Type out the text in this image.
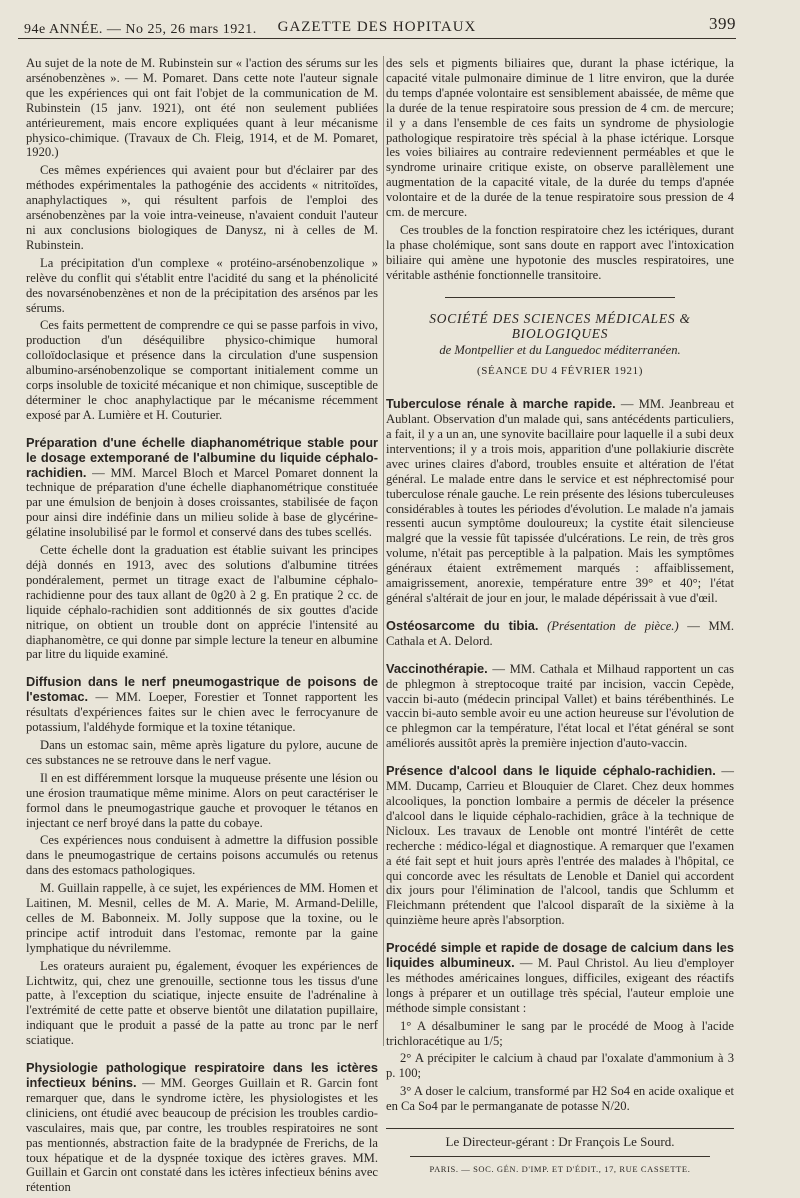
94e ANNÉE. — No 25, 26 mars 1921.	GAZETTE DES HOPITAUX	399

Au sujet de la note de M. Rubinstein sur « l'action des sérums sur les arsénobenzènes ». — M. Pomaret. Dans cette note l'auteur signale que les expériences qui ont fait l'objet de la communication de M. Rubinstein (15 janv. 1921), ont été non seulement publiées antérieurement, mais encore expliquées quant à leur mécanisme physico-chimique. (Travaux de Ch. Fleig, 1914, et de M. Pomaret, 1920.)

Ces mêmes expériences qui avaient pour but d'éclairer par des méthodes expérimentales la pathogénie des accidents « nitritoïdes, anaphylactiques », qui résultent parfois de l'emploi des arsénobenzènes par la voie intra-veineuse, n'avaient conduit l'auteur ni aux conclusions biologiques de Danysz, ni à celles de M. Rubinstein.

La précipitation d'un complexe « protéino-arsénobenzolique » relève du conflit qui s'établit entre l'acidité du sang et la phénolicité des novarsénobenzènes et non de la précipitation des arsénos par les sérums.

Ces faits permettent de comprendre ce qui se passe parfois in vivo, production d'un déséquilibre physico-chimique humoral colloïdoclasique et présence dans la circulation d'une suspension albumino-arsénobenzolique se comportant initialement comme un corps insoluble de toxicité mécanique et non chimique, susceptible de déterminer le choc anaphylactique par le mécanisme récemment exposé par A. Lumière et H. Couturier.

Préparation d'une échelle diaphanométrique stable pour le dosage extemporané de l'albumine du liquide céphalo-rachidien. — MM. Marcel Bloch et Marcel Pomaret donnent la technique de préparation d'une échelle diaphanométrique constituée par une émulsion de benjoin à doses croissantes, stabilisée de façon pour ainsi dire indéfinie dans un milieu solide à base de glycérine-gélatine insolubilisé par le formol et conservé dans des tubes scellés.

Cette échelle dont la graduation est établie suivant les principes déjà donnés en 1913, avec des solutions d'albumine titrées pondéralement, permet un titrage exact de l'albumine céphalo-rachidienne pour des taux allant de 0g20 à 2 g. En pratique 2 cc. de liquide céphalo-rachidien sont additionnés de six gouttes d'acide nitrique, on obtient un trouble dont on apprécie l'intensité au diaphanomètre, ce qui donne par simple lecture la teneur en albumine par litre du liquide examiné.

Diffusion dans le nerf pneumogastrique de poisons de l'estomac. — MM. Loeper, Forestier et Tonnet rapportent les résultats d'expériences faites sur le chien avec le ferrocyanure de potassium, l'aldéhyde formique et la toxine tétanique.

Dans un estomac sain, même après ligature du pylore, aucune de ces substances ne se retrouve dans le nerf vague.

Il en est différemment lorsque la muqueuse présente une lésion ou une érosion traumatique même minime. Alors on peut caractériser le formol dans le pneumogastrique gauche et provoquer le tétanos en injectant ce nerf broyé dans la patte du cobaye.

Ces expériences nous conduisent à admettre la diffusion possible dans le pneumogastrique de certains poisons accumulés ou retenus dans des estomacs pathologiques.

M. Guillain rappelle, à ce sujet, les expériences de MM. Homen et Laitinen, M. Mesnil, celles de M. A. Marie, M. Armand-Delille, celles de M. Babonneix. M. Jolly suppose que la toxine, ou le principe actif introduit dans l'estomac, remonte par la gaine lymphatique du névrilemme.

Les orateurs auraient pu, également, évoquer les expériences de Lichtwitz, qui, chez une grenouille, sectionne tous les tissus d'une patte, à l'exception du sciatique, injecte ensuite de l'adrénaline à l'extrémité de cette patte et observe bientôt une dilatation pupillaire, indiquant que le produit a passé de la patte au tronc par le nerf sciatique.

Physiologie pathologique respiratoire dans les ictères infectieux bénins. — MM. Georges Guillain et R. Garcin font remarquer que, dans le syndrome ictère, les physiologistes et les cliniciens, ont étudié avec beaucoup de précision les troubles cardio-vasculaires, mais que, par contre, les troubles respiratoires ne sont pas mentionnés, abstraction faite de la bradypnée de Frerichs, de la toux hépatique et de la dyspnée toxique des ictères graves. MM. Guillain et Garcin ont constaté dans les ictères infectieux bénins avec rétention

des sels et pigments biliaires que, durant la phase ictérique, la capacité vitale pulmonaire diminue de 1 litre environ, que la durée du temps d'apnée volontaire est sensiblement abaissée, de même que la durée de la tenue respiratoire sous pression de 4 cm. de mercure; il y a dans l'ensemble de ces faits un syndrome de physiologie pathologique respiratoire très spécial à la phase ictérique. Lorsque les voies biliaires au contraire redeviennent perméables et que le syndrome urinaire critique existe, on observe parallèlement une augmentation de la capacité vitale, de la durée du temps d'apnée volontaire et de la durée de la tenue respiratoire sous pression de 4 cm. de mercure.

Ces troubles de la fonction respiratoire chez les ictériques, durant la phase cholémique, sont sans doute en rapport avec l'intoxication biliaire qui amène une hypotonie des muscles respiratoires, une véritable asthénie fonctionnelle transitoire.

SOCIÉTÉ DES SCIENCES MÉDICALES & BIOLOGIQUES
de Montpellier et du Languedoc méditerranéen.
(SÉANCE DU 4 FÉVRIER 1921)

Tuberculose rénale à marche rapide. — MM. Jeanbreau et Aublant. Observation d'un malade qui, sans antécédents particuliers, a fait, il y a un an, une synovite bacillaire pour laquelle il a subi deux interventions; il y a trois mois, apparition d'une pollakiurie discrète avec urines claires d'abord, troubles ensuite et altération de l'état général. Le malade entre dans le service et est néphrectomisé pour tuberculose rénale gauche. Le rein présente des lésions tuberculeuses considérables à toutes les périodes d'évolution. Le malade n'a jamais ressenti aucun symptôme douloureux; la cystite était silencieuse malgré que la vessie fût tapissée d'ulcérations. Le rein, de très gros volume, n'était pas perceptible à la palpation. Mais les symptômes généraux étaient extrêmement marqués : affaiblissement, amaigrissement, anorexie, température entre 39° et 40°; l'état général s'altérait de jour en jour, le malade dépérissait à vue d'œil.

Ostéosarcome du tibia. (Présentation de pièce.) — MM. Cathala et A. Delord.

Vaccinothérapie. — MM. Cathala et Milhaud rapportent un cas de phlegmon à streptocoque traité par incision, vaccin Cepède, vaccin bi-auto (médecin principal Vallet) et bains térébenthinés. Le vaccin bi-auto semble avoir eu une action heureuse sur l'évolution de ce phlegmon car la température, l'état local et l'état général se sont améliorés aussitôt après la première injection d'auto-vaccin.

Présence d'alcool dans le liquide céphalo-rachidien. — MM. Ducamp, Carrieu et Blouquier de Claret. Chez deux hommes alcooliques, la ponction lombaire a permis de déceler la présence d'alcool dans le liquide céphalo-rachidien, grâce à la technique de Nicloux. Les travaux de Lenoble ont montré l'intérêt de cette recherche : médico-légal et diagnostique. A remarquer que l'examen a été fait sept et huit jours après l'entrée des malades à l'hôpital, ce qui concorde avec les résultats de Lenoble et Daniel qui accordent dix jours pour l'élimination de l'alcool, tandis que Schlumm et Fleichmann prétendent que l'alcool disparaît de la sixième à la quinzième heure après l'absorption.

Procédé simple et rapide de dosage de calcium dans les liquides albumineux. — M. Paul Christol. Au lieu d'employer les méthodes américaines longues, difficiles, exigeant des réactifs longs à préparer et un outillage très spécial, l'auteur emploie une méthode simple consistant :

1° A désalbuminer le sang par le procédé de Moog à l'acide trichloracétique au 1/5;

2° A précipiter le calcium à chaud par l'oxalate d'ammonium à 3 p. 100;

3° A doser le calcium, transformé par H2 So4 en acide oxalique et en Ca So4 par le permanganate de potasse N/20.

Le Directeur-gérant : Dr François Le Sourd.
PARIS. — SOC. GÉN. D'IMP. ET D'ÉDIT., 17, RUE CASSETTE.
